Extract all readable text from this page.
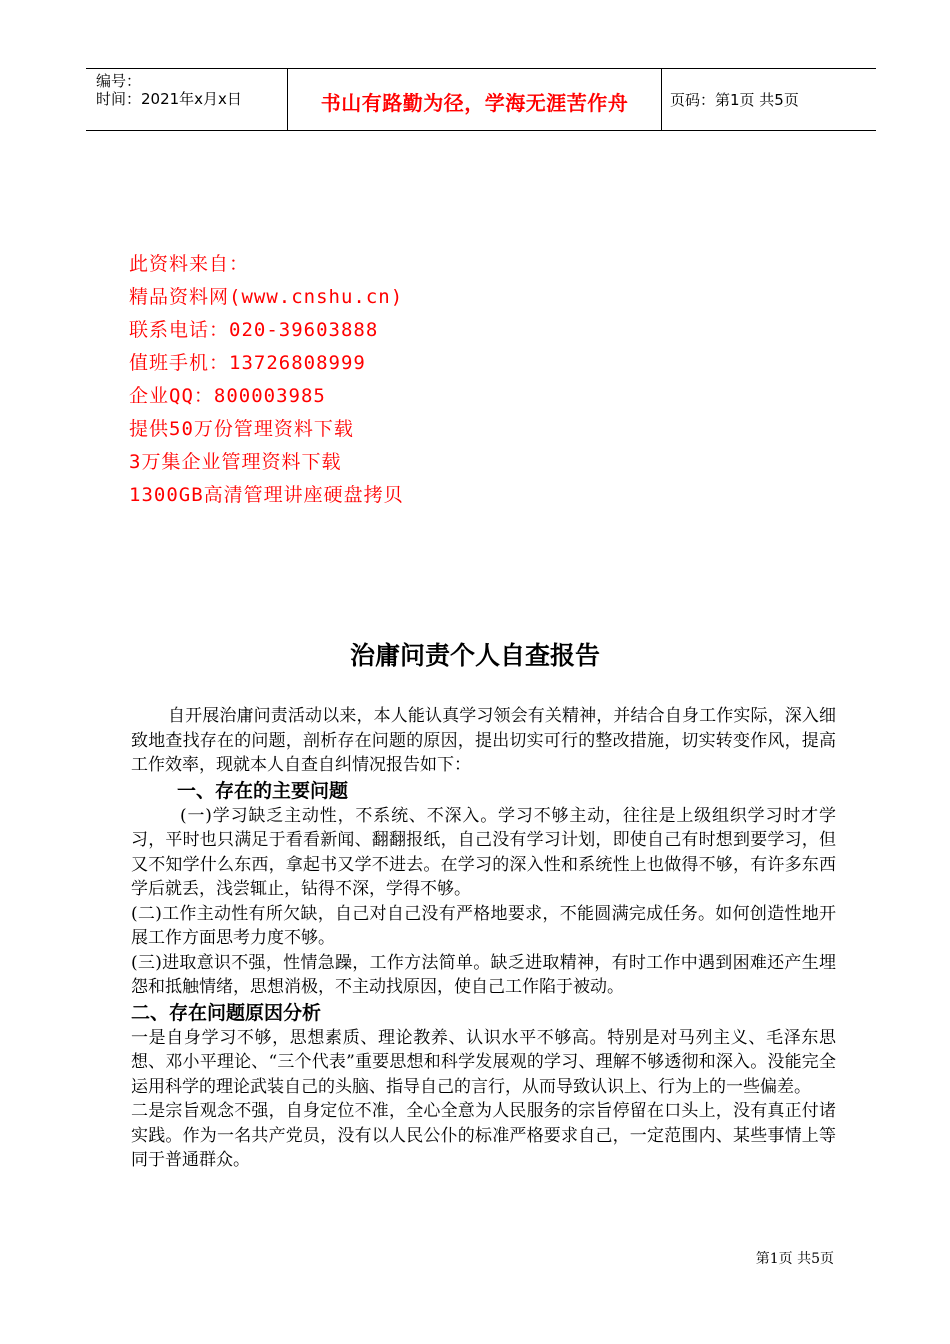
编号：
时间：2021年x月x日	书山有路勤为径，学海无涯苦作舟	页码：第1页 共5页
此资料来自：
精品资料网(www.cnshu.cn)
联系电话：020-39603888
值班手机：13726808999
企业QQ：800003985
提供50万份管理资料下载
3万集企业管理资料下载
1300GB高清管理讲座硬盘拷贝
治庸问责个人自查报告

自开展治庸问责活动以来，本人能认真学习领会有关精神，并结合自身工作实际，深入细致地查找存在的问题，剖析存在问题的原因，提出切实可行的整改措施，切实转变作风，提高工作效率，现就本人自查自纠情况报告如下：

一、存在的主要问题

(一)学习缺乏主动性，不系统、不深入。学习不够主动，往往是上级组织学习时才学习，平时也只满足于看看新闻、翻翻报纸，自己没有学习计划，即使自己有时想到要学习，但又不知学什么东西，拿起书又学不进去。在学习的深入性和系统性上也做得不够，有许多东西学后就丢，浅尝辄止，钻得不深，学得不够。

(二)工作主动性有所欠缺，自己对自己没有严格地要求，不能圆满完成任务。如何创造性地开展工作方面思考力度不够。

(三)进取意识不强，性情急躁，工作方法简单。缺乏进取精神，有时工作中遇到困难还产生埋怨和抵触情绪，思想消极，不主动找原因，使自己工作陷于被动。

二、存在问题原因分析

一是自身学习不够，思想素质、理论教养、认识水平不够高。特别是对马列主义、毛泽东思想、邓小平理论、“三个代表”重要思想和科学发展观的学习、理解不够透彻和深入。没能完全运用科学的理论武装自己的头脑、指导自己的言行，从而导致认识上、行为上的一些偏差。

二是宗旨观念不强，自身定位不准，全心全意为人民服务的宗旨停留在口头上，没有真正付诸实践。作为一名共产党员，没有以人民公仆的标准严格要求自己，一定范围内、某些事情上等同于普通群众。

第1页 共5页
